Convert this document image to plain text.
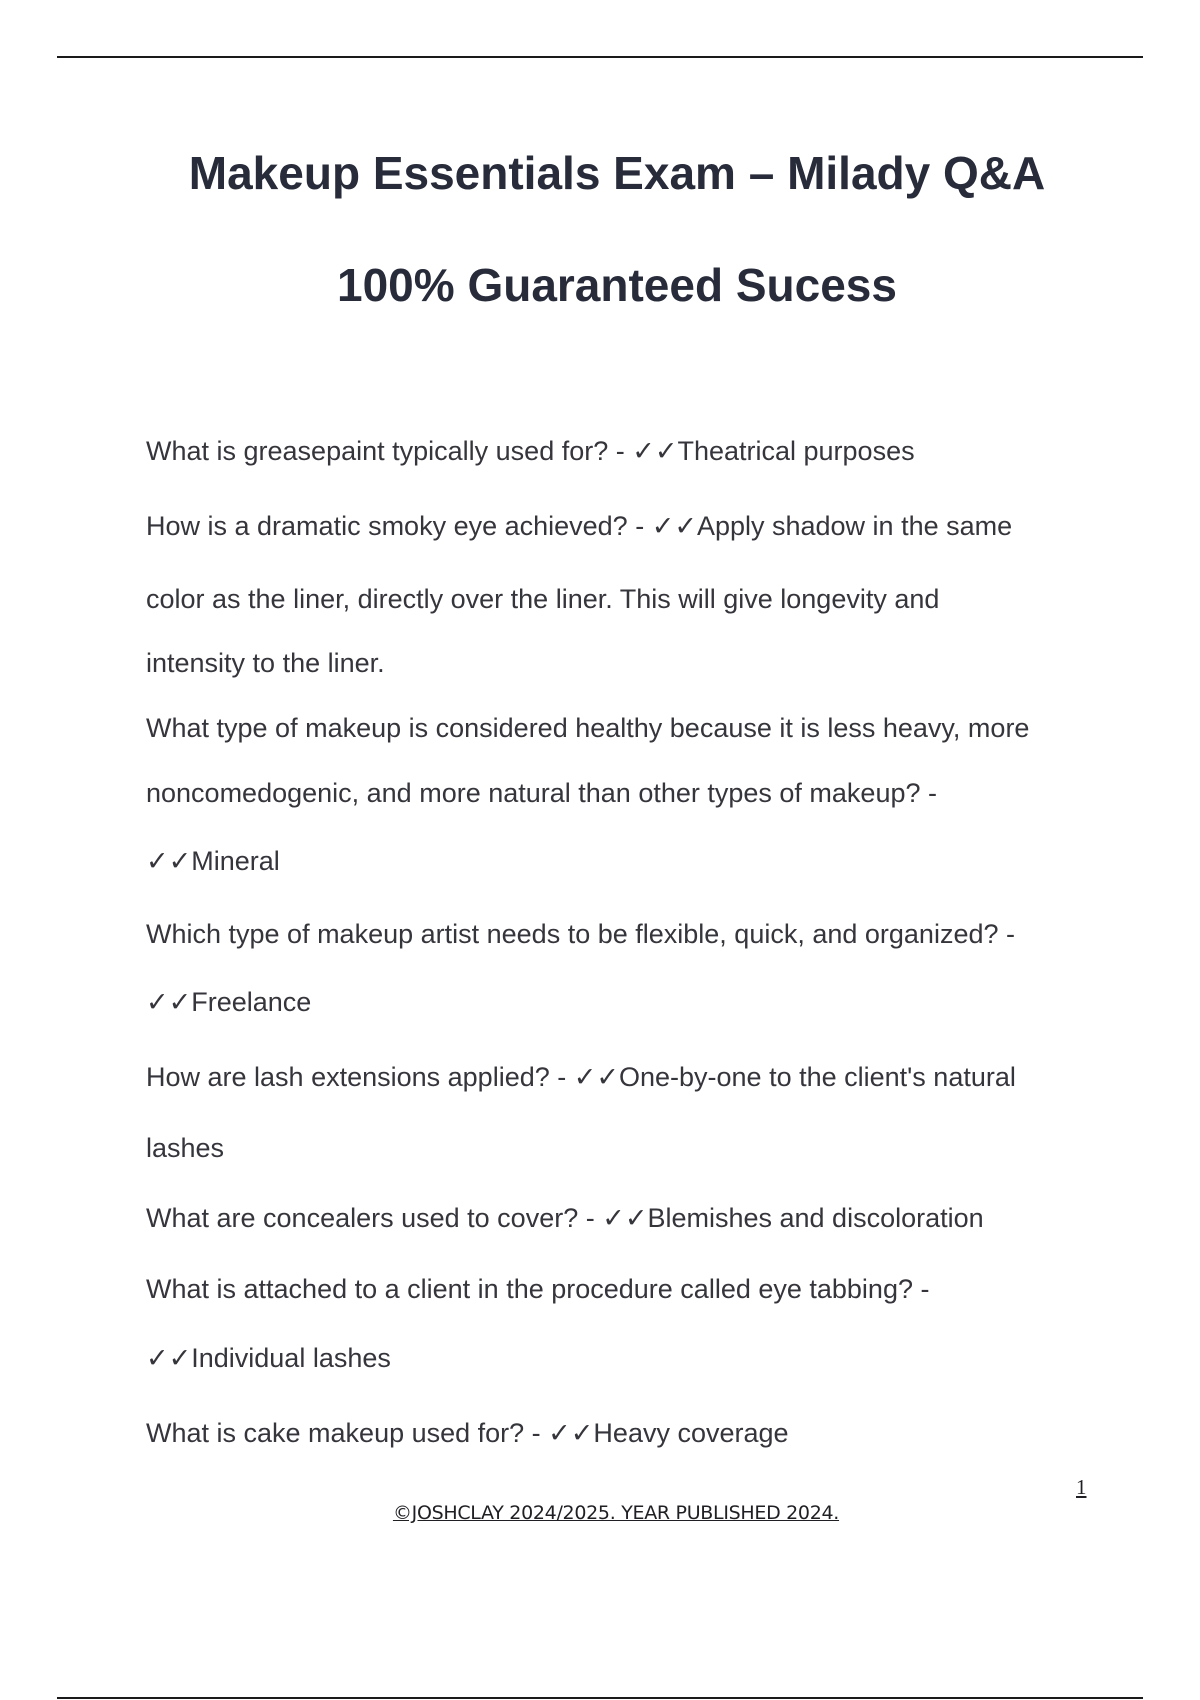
Makeup Essentials Exam – Milady Q&A
100% Guaranteed Sucess

What is greasepaint typically used for? - ✓✓Theatrical purposes

How is a dramatic smoky eye achieved? - ✓✓Apply shadow in the same

color as the liner, directly over the liner. This will give longevity and

intensity to the liner.

What type of makeup is considered healthy because it is less heavy, more

noncomedogenic, and more natural than other types of makeup? -

✓✓Mineral

Which type of makeup artist needs to be flexible, quick, and organized? -

✓✓Freelance

How are lash extensions applied? - ✓✓One-by-one to the client's natural

lashes

What are concealers used to cover? - ✓✓Blemishes and discoloration

What is attached to a client in the procedure called eye tabbing? -

✓✓Individual lashes

What is cake makeup used for? - ✓✓Heavy coverage

1
©JOSHCLAY 2024/2025. YEAR PUBLISHED 2024.
